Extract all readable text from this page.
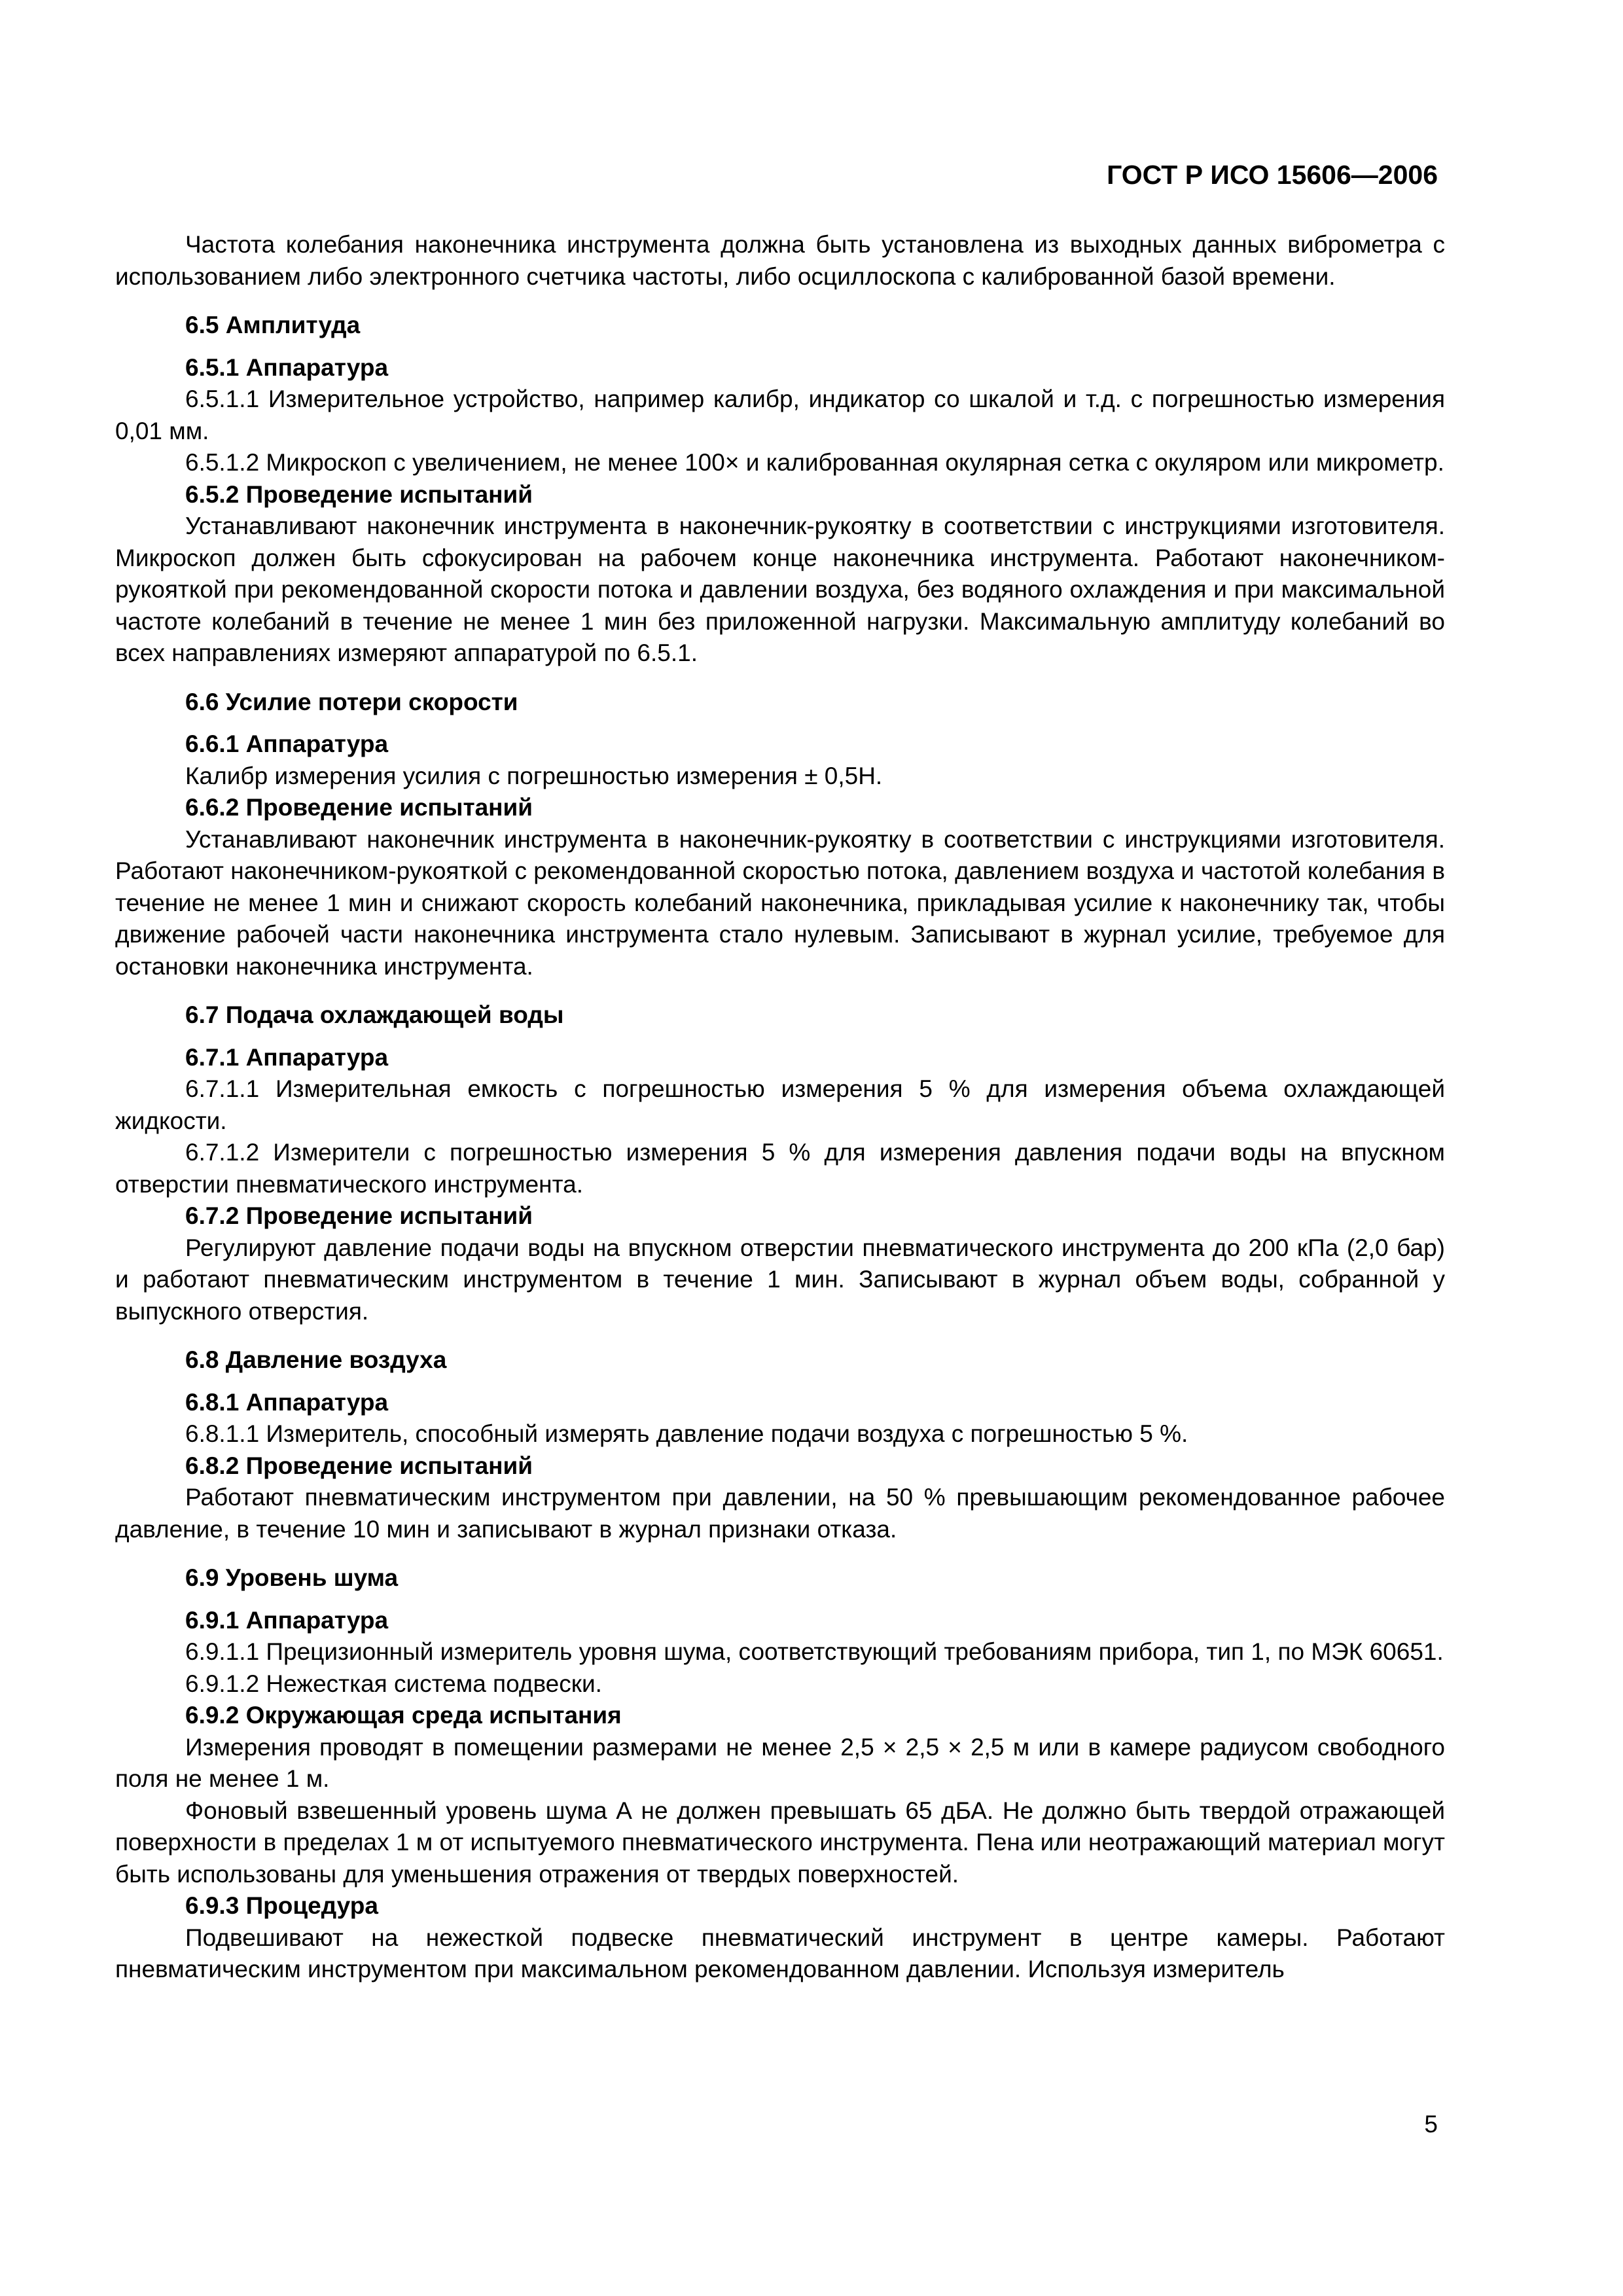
ГОСТ Р ИСО 15606—2006

Частота колебания наконечника инструмента должна быть установлена из выходных данных виброметра с использованием либо электронного счетчика частоты, либо осциллоскопа с калиброванной базой времени.

6.5 Амплитуда
6.5.1 Аппаратура

6.5.1.1 Измерительное устройство, например калибр, индикатор со шкалой и т.д. с погрешностью измерения 0,01 мм.

6.5.1.2 Микроскоп с увеличением, не менее 100× и калиброванная окулярная сетка с окуляром или микрометр.

6.5.2 Проведение испытаний

Устанавливают наконечник инструмента в наконечник-рукоятку в соответствии с инструкциями изготовителя. Микроскоп должен быть сфокусирован на рабочем конце наконечника инструмента. Работают наконечником-рукояткой при рекомендованной скорости потока и давлении воздуха, без водяного охлаждения и при максимальной частоте колебаний в течение не менее 1 мин без приложенной нагрузки. Максимальную амплитуду колебаний во всех направлениях измеряют аппаратурой по 6.5.1.

6.6 Усилие потери скорости
6.6.1 Аппаратура

Калибр измерения усилия с погрешностью измерения ± 0,5Н.

6.6.2 Проведение испытаний

Устанавливают наконечник инструмента в наконечник-рукоятку в соответствии с инструкциями изготовителя. Работают наконечником-рукояткой с рекомендованной скоростью потока, давлением воздуха и частотой колебания в течение не менее 1 мин и снижают скорость колебаний наконечника, прикладывая усилие к наконечнику так, чтобы движение рабочей части наконечника инструмента стало нулевым. Записывают в журнал усилие, требуемое для остановки наконечника инструмента.

6.7 Подача охлаждающей воды
6.7.1 Аппаратура

6.7.1.1 Измерительная емкость с погрешностью измерения 5 % для измерения объема охлаждающей жидкости.

6.7.1.2 Измерители с погрешностью измерения 5 % для измерения давления подачи воды на впускном отверстии пневматического инструмента.

6.7.2 Проведение испытаний

Регулируют давление подачи воды на впускном отверстии пневматического инструмента до 200 кПа (2,0 бар) и работают пневматическим инструментом в течение 1 мин. Записывают в журнал объем воды, собранной у выпускного отверстия.

6.8 Давление воздуха
6.8.1 Аппаратура

6.8.1.1 Измеритель, способный измерять давление подачи воздуха с погрешностью 5 %.

6.8.2 Проведение испытаний

Работают пневматическим инструментом при давлении, на 50 % превышающим рекомендованное рабочее давление, в течение 10 мин и записывают в журнал признаки отказа.

6.9 Уровень шума
6.9.1 Аппаратура

6.9.1.1 Прецизионный измеритель уровня шума, соответствующий требованиям прибора, тип 1, по МЭК 60651.

6.9.1.2 Нежесткая система подвески.

6.9.2 Окружающая среда испытания

Измерения проводят в помещении размерами не менее 2,5 × 2,5 × 2,5 м или в камере радиусом свободного поля не менее 1 м.

Фоновый взвешенный уровень шума А не должен превышать 65 дБА. Не должно быть твердой отражающей поверхности в пределах 1 м от испытуемого пневматического инструмента. Пена или неотражающий материал могут быть использованы для уменьшения отражения от твердых поверхностей.

6.9.3 Процедура

Подвешивают на нежесткой подвеске пневматический инструмент в центре камеры. Работают пневматическим инструментом при максимальном рекомендованном давлении. Используя измеритель

5
